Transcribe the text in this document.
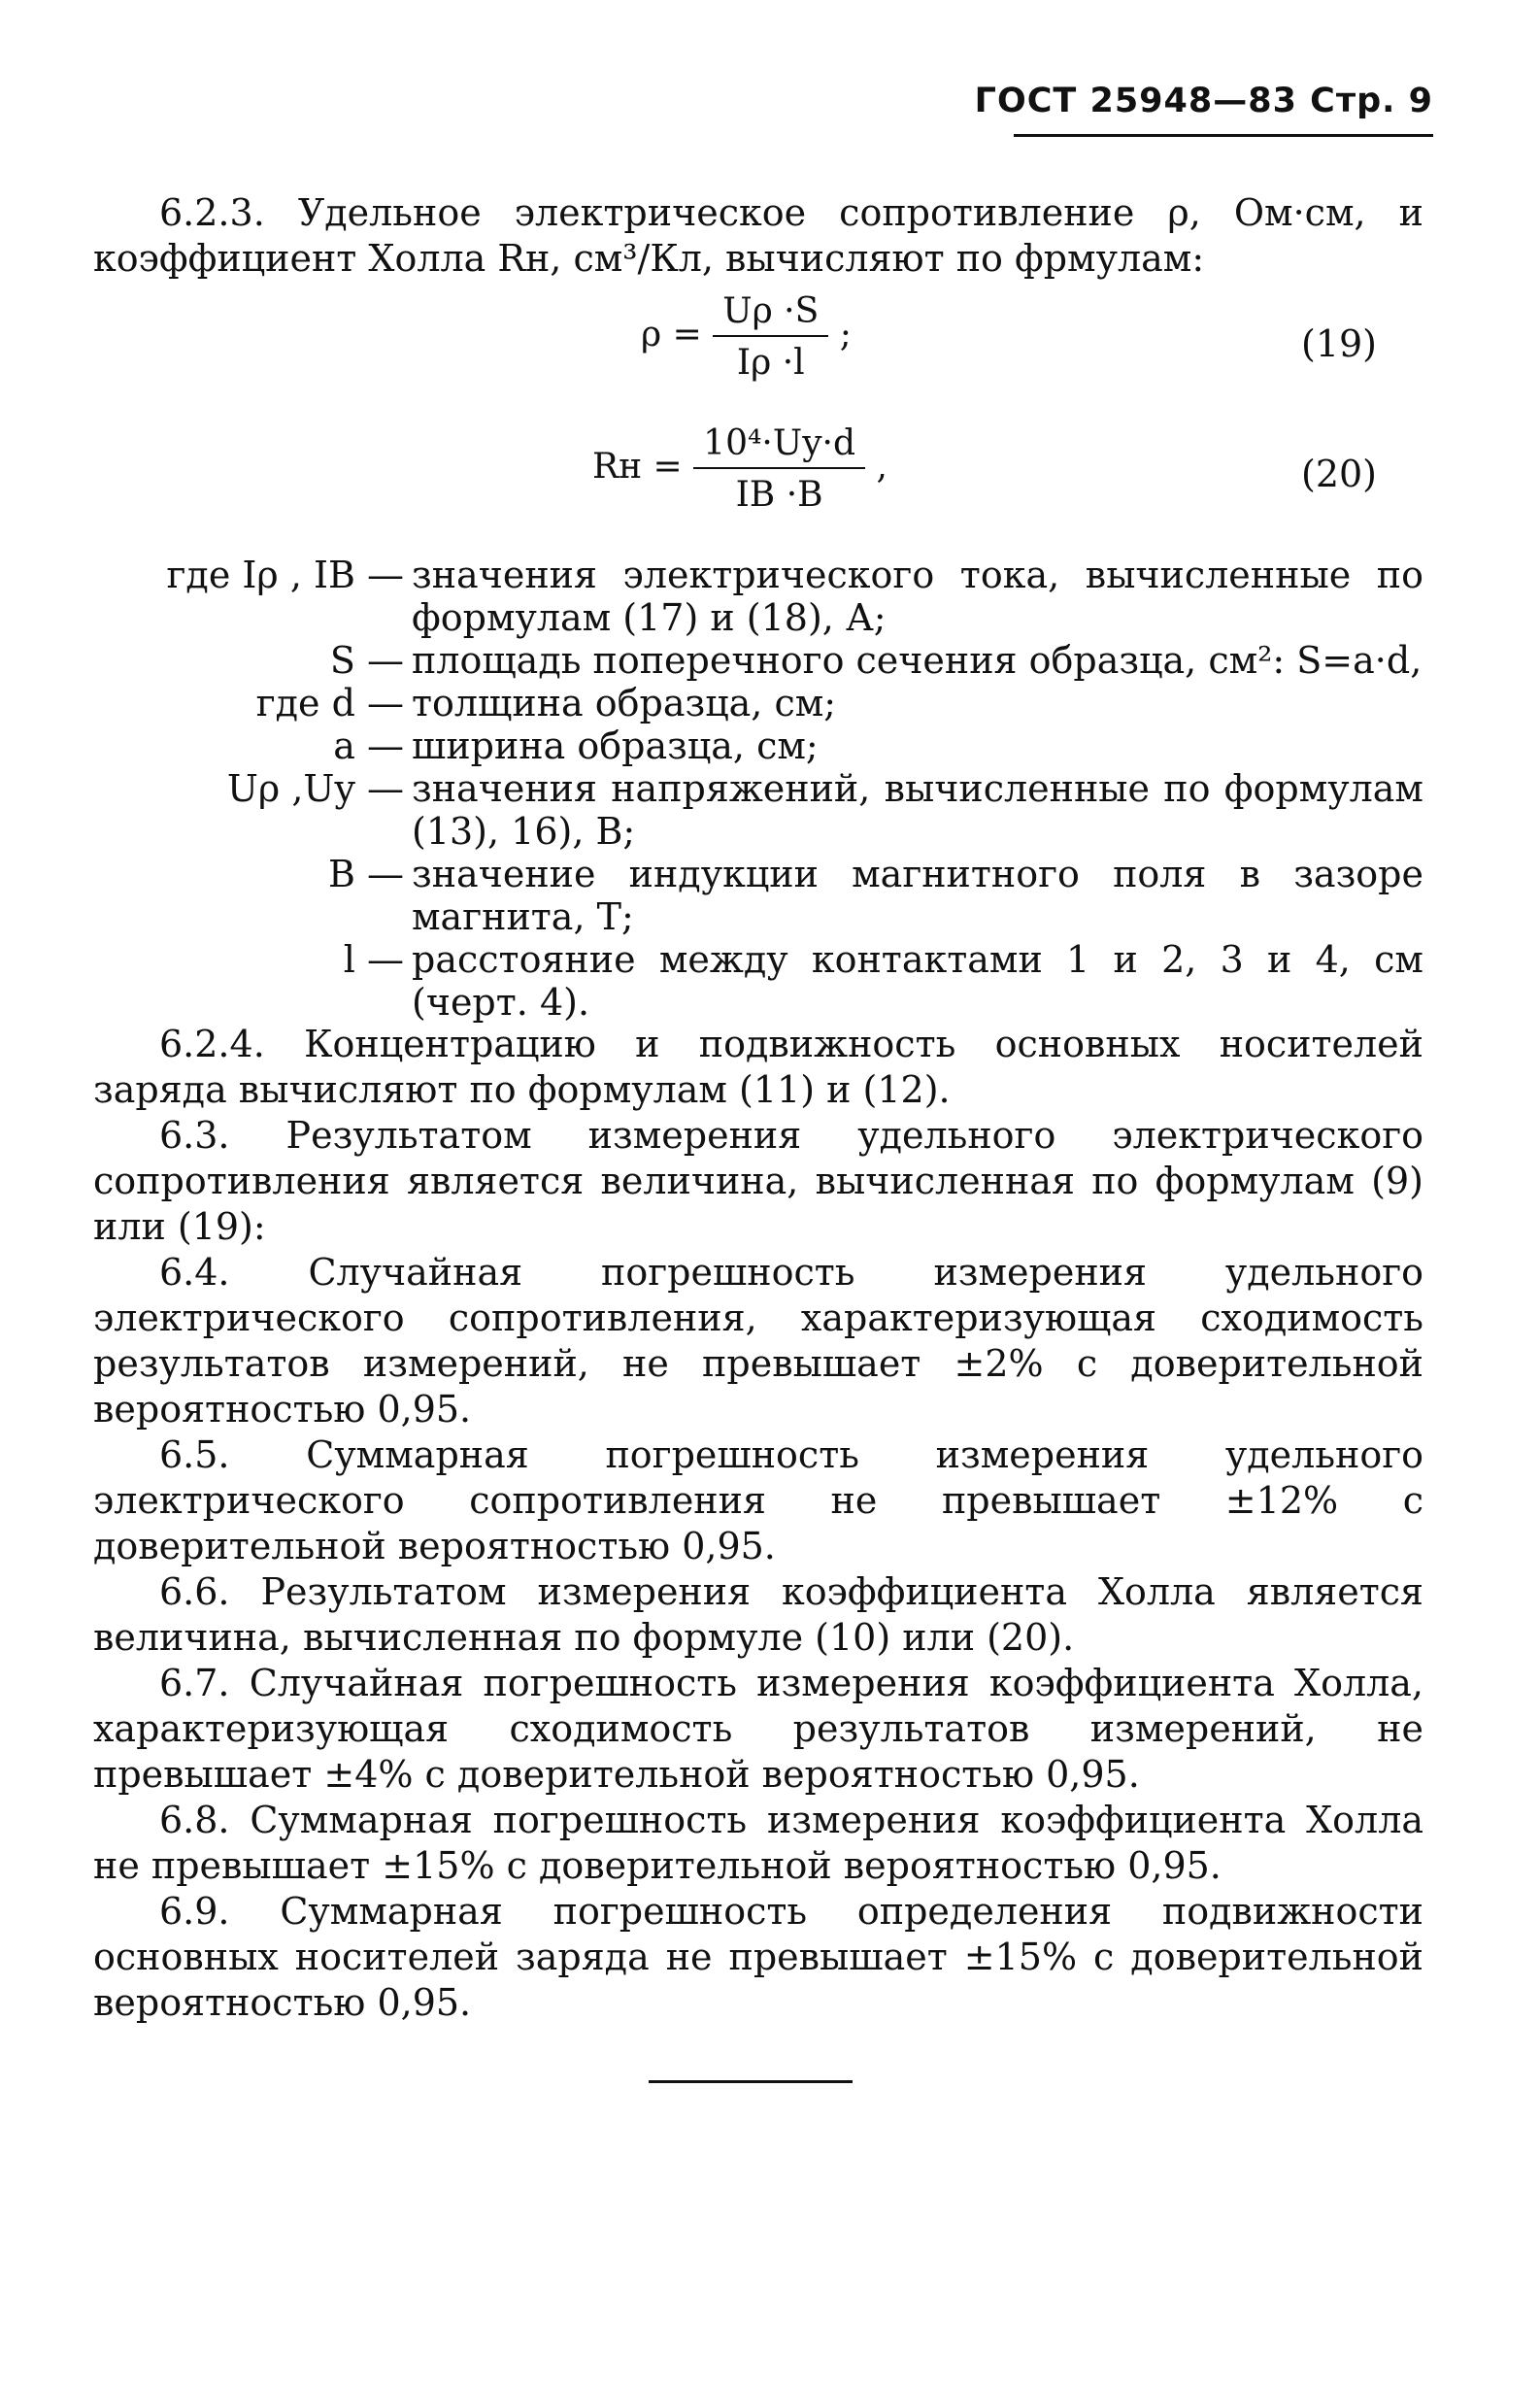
ГОСТ 25948—83 Стр. 9

6.2.3. Удельное электрическое сопротивление ρ, Ом·см, и коэффициент Холла Rн, см³/Кл, вычисляют по фрмулам:

$\rho = \frac{U\rho \cdot S}{I\rho \cdot l}$ ;	(19)
Rн = $\frac{\text{10⁴·Uy·d}}{IB \cdot B}$ ,	(20)
где Iρ , IB — значения электрического тока, вычисленные по формулам (17) и (18), А;
S — площадь поперечного сечения образца, см²: S=a·d,
где d — толщина образца, см;
a — ширина образца, см;
Uρ ,Uy — значения напряжений, вычисленные по формулам (13), 16), В;
B — значение индукции магнитного поля в зазоре магнита, Т;
l — расстояние между контактами 1 и 2, 3 и 4, см (черт. 4).

6.2.4. Концентрацию и подвижность основных носителей заряда вычисляют по формулам (11) и (12).

6.3. Результатом измерения удельного электрического сопротивления является величина, вычисленная по формулам (9) или (19):

6.4. Случайная погрешность измерения удельного электрического сопротивления, характеризующая сходимость результатов измерений, не превышает ±2% с доверительной вероятностью 0,95.

6.5. Суммарная погрешность измерения удельного электрического сопротивления не превышает ±12% с доверительной вероятностью 0,95.

6.6. Результатом измерения коэффициента Холла является величина, вычисленная по формуле (10) или (20).

6.7. Случайная погрешность измерения коэффициента Холла, характеризующая сходимость результатов измерений, не превышает ±4% с доверительной вероятностью 0,95.

6.8. Суммарная погрешность измерения коэффициента Холла не превышает ±15% с доверительной вероятностью 0,95.

6.9. Суммарная погрешность определения подвижности основных носителей заряда не превышает ±15% с доверительной вероятностью 0,95.
